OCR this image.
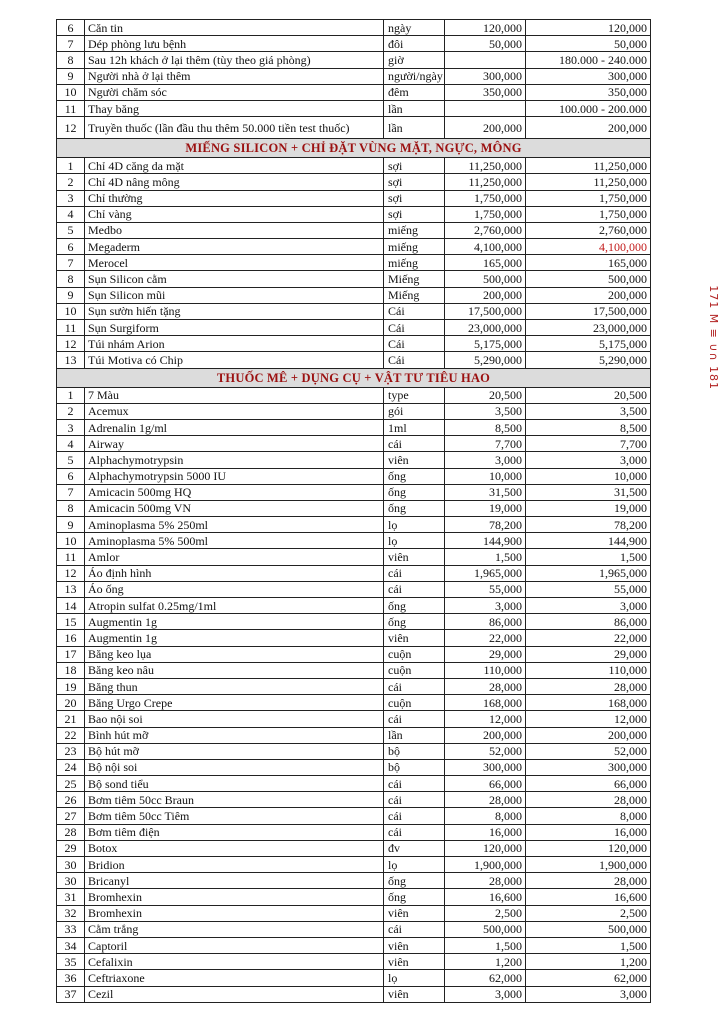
6	Căn tin	ngày	120,000	120,000
7	Dép phòng lưu bệnh	đôi	50,000	50,000
8	Sau 12h khách ở lại thêm (tùy theo giá phòng)	giờ		180.000 - 240.000
9	Người nhà ở lại thêm	người/ngày	300,000	300,000
10	Người chăm sóc	đêm	350,000	350,000
11	Thay băng	lần		100.000 - 200.000
12	Truyền thuốc (lần đầu thu thêm 50.000 tiền test thuốc)	lần	200,000	200,000
MIẾNG SILICON + CHỈ ĐẶT VÙNG MẶT, NGỰC, MÔNG				
1	Chỉ 4D căng da mặt	sợi	11,250,000	11,250,000
2	Chỉ 4D nâng mông	sợi	11,250,000	11,250,000
3	Chỉ thường	sợi	1,750,000	1,750,000
4	Chỉ vàng	sợi	1,750,000	1,750,000
5	Medbo	miếng	2,760,000	2,760,000
6	Megaderm	miếng	4,100,000	4,100,000
7	Merocel	miếng	165,000	165,000
8	Sụn Silicon cằm	Miếng	500,000	500,000
9	Sụn Silicon mũi	Miếng	200,000	200,000
10	Sụn sườn hiến tặng	Cái	17,500,000	17,500,000
11	Sụn Surgiform	Cái	23,000,000	23,000,000
12	Túi nhám Arion	Cái	5,175,000	5,175,000
13	Túi Motiva có Chip	Cái	5,290,000	5,290,000
THUỐC MÊ + DỤNG CỤ + VẬT TƯ TIÊU HAO				
1	7 Màu	type	20,500	20,500
2	Acemux	gói	3,500	3,500
3	Adrenalin 1g/ml	1ml	8,500	8,500
4	Airway	cái	7,700	7,700
5	Alphachymotrypsin	viên	3,000	3,000
6	Alphachymotrypsin 5000 IU	ống	10,000	10,000
7	Amicacin 500mg HQ	ống	31,500	31,500
8	Amicacin 500mg VN	ống	19,000	19,000
9	Aminoplasma 5% 250ml	lọ	78,200	78,200
10	Aminoplasma 5% 500ml	lọ	144,900	144,900
11	Amlor	viên	1,500	1,500
12	Áo định hình	cái	1,965,000	1,965,000
13	Áo ống	cái	55,000	55,000
14	Atropin sulfat 0.25mg/1ml	ống	3,000	3,000
15	Augmentin 1g	ống	86,000	86,000
16	Augmentin 1g	viên	22,000	22,000
17	Băng keo lụa	cuộn	29,000	29,000
18	Băng keo nâu	cuộn	110,000	110,000
19	Băng thun	cái	28,000	28,000
20	Băng Urgo Crepe	cuộn	168,000	168,000
21	Bao nội soi	cái	12,000	12,000
22	Bình hút mỡ	lần	200,000	200,000
23	Bộ hút mỡ	bộ	52,000	52,000
24	Bộ nội soi	bộ	300,000	300,000
25	Bộ sond tiểu	cái	66,000	66,000
26	Bơm tiêm 50cc Braun	cái	28,000	28,000
27	Bơm tiêm 50cc Tiêm	cái	8,000	8,000
28	Bơm tiêm điện	cái	16,000	16,000
29	Botox	đv	120,000	120,000
30	Bridion	lọ	1,900,000	1,900,000
30	Bricanyl	ống	28,000	28,000
31	Bromhexin	ống	16,600	16,600
32	Bromhexin	viên	2,500	2,500
33	Cằm trắng	cái	500,000	500,000
34	Captoril	viên	1,500	1,500
35	Cefalixin	viên	1,200	1,200
36	Ceftriaxone	lọ	62,000	62,000
37	Cezil	viên	3,000	3,000
171 M ≡ ∪∩ 181
